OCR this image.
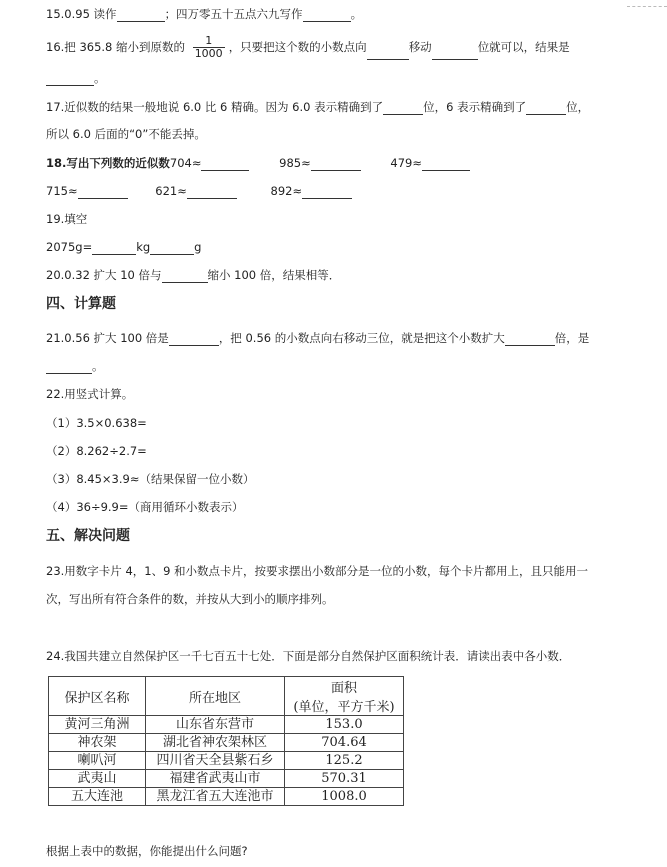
15.0.95 读作	；四万零五十五点六九写作	。
16.把 365.8 缩小到原数的 $\frac{1}{1000}$ ，只要把这个数的小数点向	移动	位就可以，结果是
。
17.近似数的结果一般地说 6.0 比 6 精确。因为 6.0 表示精确到了	位，6 表示精确到了	位，
所以 6.0 后面的“0”不能丢掉。
18.写出下列数的近似数704≈	985≈	479≈
715≈	621≈	892≈
19.填空
2075g=	kg	g
20.0.32 扩大 10 倍与	缩小 100 倍，结果相等．
四、计算题
21.0.56 扩大 100 倍是	，把 0.56 的小数点向右移动三位，就是把这个小数扩大	倍，是
。
22.用竖式计算。
（1）3.5×0.638=
（2）8.262÷2.7=
（3）8.45×3.9≈（结果保留一位小数）
（4）36÷9.9=（商用循环小数表示）
五、解决问题
23.用数字卡片 4，1、9 和小数点卡片，按要求摆出小数部分是一位的小数，每个卡片都用上，且只能用一
次，写出所有符合条件的数，并按从大到小的顺序排列。
24.我国共建立自然保护区一千七百五十七处．下面是部分自然保护区面积统计表．请读出表中各小数．
保护区名称	所在地区	面积
(单位，平方千米)

黄河三角洲	山东省东营市	153.0
神农架	湖北省神农架林区	704.64
喇叭河	四川省天全县紫石乡	125.2
武夷山	福建省武夷山市	570.31
五大连池	黑龙江省五大连池市	1008.0
根据上表中的数据，你能提出什么问题?
